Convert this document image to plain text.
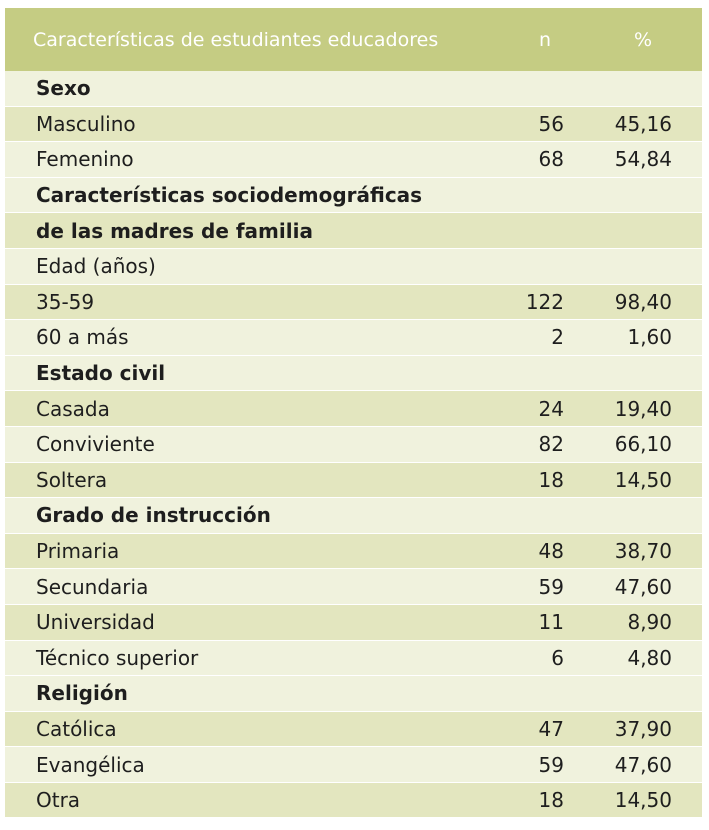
Características de estudiantes educadores	n	%
Sexo
Masculino	56	45,16
Femenino	68	54,84
Características sociodemográficas
de las madres de familia
Edad (años)
35-59	122	98,40
60 a más	2	1,60
Estado civil
Casada	24	19,40
Conviviente	82	66,10
Soltera	18	14,50
Grado de instrucción
Primaria	48	38,70
Secundaria	59	47,60
Universidad	11	8,90
Técnico superior	6	4,80
Religión
Católica	47	37,90
Evangélica	59	47,60
Otra	18	14,50
